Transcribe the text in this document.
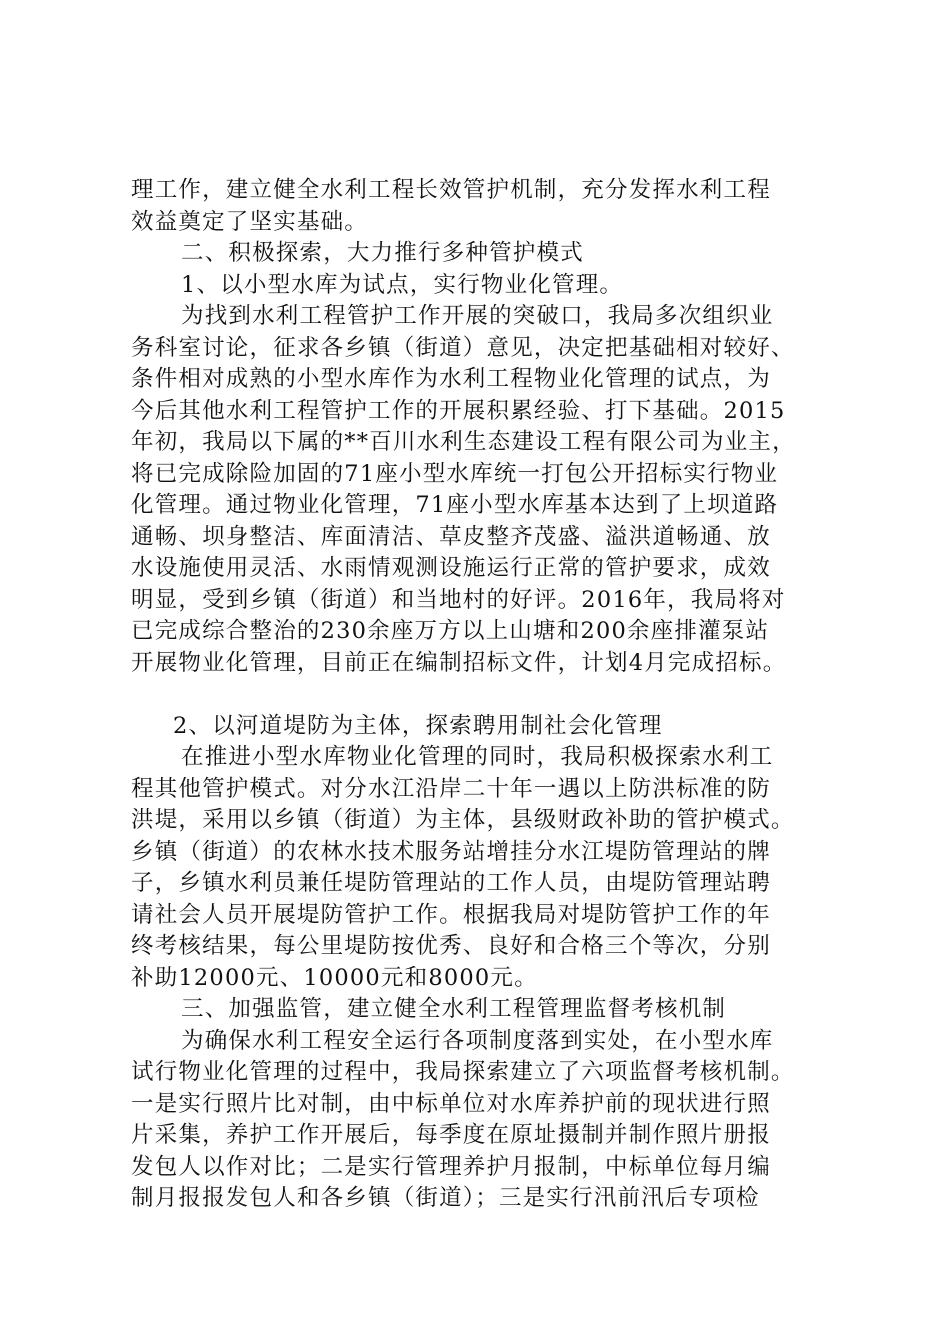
理工作，建立健全水利工程长效管护机制，充分发挥水利工程
效益奠定了坚实基础。
二、积极探索，大力推行多种管护模式
1、以小型水库为试点，实行物业化管理。
为找到水利工程管护工作开展的突破口，我局多次组织业
务科室讨论，征求各乡镇（街道）意见，决定把基础相对较好、
条件相对成熟的小型水库作为水利工程物业化管理的试点，为
今后其他水利工程管护工作的开展积累经验、打下基础。2015
年初，我局以下属的**百川水利生态建设工程有限公司为业主，
将已完成除险加固的71座小型水库统一打包公开招标实行物业
化管理。通过物业化管理，71座小型水库基本达到了上坝道路
通畅、坝身整洁、库面清洁、草皮整齐茂盛、溢洪道畅通、放
水设施使用灵活、水雨情观测设施运行正常的管护要求，成效
明显，受到乡镇（街道）和当地村的好评。2016年，我局将对
已完成综合整治的230余座万方以上山塘和200余座排灌泵站
开展物业化管理，目前正在编制招标文件，计划4月完成招标。
2、以河道堤防为主体，探索聘用制社会化管理
在推进小型水库物业化管理的同时，我局积极探索水利工
程其他管护模式。对分水江沿岸二十年一遇以上防洪标准的防
洪堤，采用以乡镇（街道）为主体，县级财政补助的管护模式。
乡镇（街道）的农林水技术服务站增挂分水江堤防管理站的牌
子，乡镇水利员兼任堤防管理站的工作人员，由堤防管理站聘
请社会人员开展堤防管护工作。根据我局对堤防管护工作的年
终考核结果，每公里堤防按优秀、良好和合格三个等次，分别
补助12000元、10000元和8000元。
三、加强监管，建立健全水利工程管理监督考核机制
为确保水利工程安全运行各项制度落到实处，在小型水库
试行物业化管理的过程中，我局探索建立了六项监督考核机制。
一是实行照片比对制，由中标单位对水库养护前的现状进行照
片采集，养护工作开展后，每季度在原址摄制并制作照片册报
发包人以作对比；二是实行管理养护月报制，中标单位每月编
制月报报发包人和各乡镇（街道）；三是实行汛前汛后专项检
